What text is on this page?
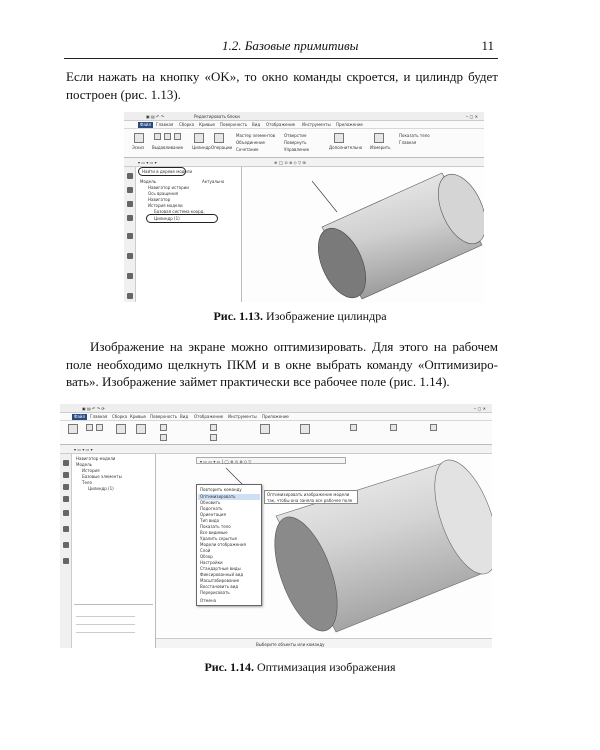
1.2. Базовые примитивы	11

Если нажать на кнопку «OK», то окно команды скроется, и цилиндр будет
построен (рис. 1.13).

▣ ▤ ↶ ↷	Редактировать блоки	‒ ▢ ✕
Файл	Главная Сборка Кривые Поверхность Вид Отображение Инструменты Приложение
Эскиз Выдавливание Цилиндр Операции
Мастер элементов
Объединение
Сочетание
Отверстие
Повернуть
Управление	Дополнительно Измерить
Показать тело
Главная
▾ ▭ ▾ ▭ ▾	⊕ ◯ ⊙ ⊗ ◇ ▽ ⊞
Найти в дереве модели
Модель	Актуально
Навигатор истории
Ось вращения
Навигатор
История модели
Базовая система коорд.
Цилиндр (1)
Рис. 1.13. Изображение цилиндра

Изображение на экране можно оптимизировать. Для этого на рабочем
поле необходимо щелкнуть ПКМ и в окне выбрать команду «Оптимизиро-
вать». Изображение займет практически все рабочее поле (рис. 1.14).

▣ ▤ ↶ ↷ ⟳	‒ ▢ ✕
Файл	Главная Сборка Кривые Поверхность Вид Отображение Инструменты Приложение
▾ ▭ ▾ ▭ ▾
Навигатор модели
Модель
История
Базовые элементы
Тело
Цилиндр (1)
▾ ▭ ▭ ▾ ▭ | ◯ ⊕ ⊙ ⊗ ◇ ▽
Повторить команду
Оптимизировать
Обновить
Подогнать
Ориентация
Тип вида
Показать тело
Все видимые
Удалить скрытые
Модели отображения
Слой
Обзор
Настройки
Стандартные виды
Фиксированный вид
Масштабирование
Восстановить вид
Перерисовать
Отмена
Оптимизировать изображение модели
так, чтобы она заняла все рабочее поле
Выберите объекты или команду
Рис. 1.14. Оптимизация изображения
